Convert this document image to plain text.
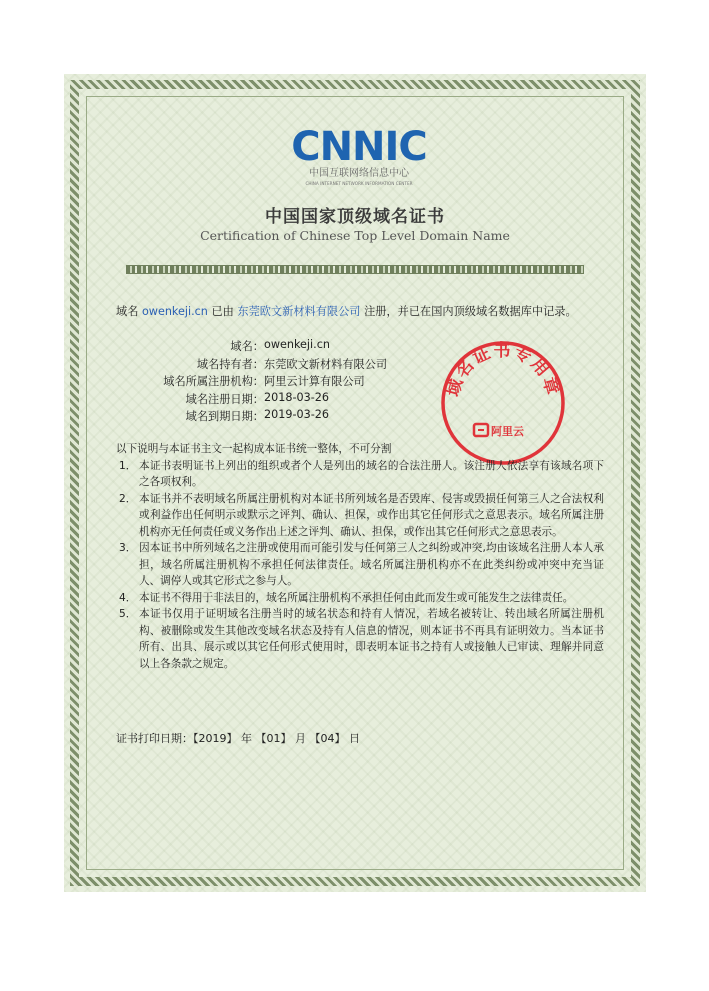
CNNIC
中国互联网络信息中心
CHINA INTERNET NETWORK INFORMATION CENTER
中国国家顶级域名证书
Certification of Chinese Top Level Domain Name
域名 owenkeji.cn 已由 东莞欧文新材料有限公司 注册，并已在国内顶级域名数据库中记录。
域名： owenkeji.cn
域名持有者： 东莞欧文新材料有限公司
域名所属注册机构： 阿里云计算有限公司
域名注册日期： 2018-03-26
域名到期日期： 2019-03-26
域名证书专用章
阿里云

以下说明与本证书主文一起构成本证书统一整体，不可分割

1． 本证书表明证书上列出的组织或者个人是列出的域名的合法注册人。该注册人依法享有该域名项下之各项权利。

2． 本证书并不表明域名所属注册机构对本证书所列域名是否毁库、侵害或毁损任何第三人之合法权利或利益作出任何明示或默示之评判、确认、担保，或作出其它任何形式之意思表示。域名所属注册机构亦无任何责任或义务作出上述之评判、确认、担保，或作出其它任何形式之意思表示。

3． 因本证书中所列域名之注册或使用而可能引发与任何第三人之纠纷或冲突,均由该域名注册人本人承担，域名所属注册机构不承担任何法律责任。域名所属注册机构亦不在此类纠纷或冲突中充当证人、调停人或其它形式之参与人。

4． 本证书不得用于非法目的，域名所属注册机构不承担任何由此而发生或可能发生之法律责任。

5． 本证书仅用于证明域名注册当时的域名状态和持有人情况，若域名被转让、转出域名所属注册机构、被删除或发生其他改变域名状态及持有人信息的情况，则本证书不再具有证明效力。当本证书所有、出具、展示或以其它任何形式使用时，即表明本证书之持有人或接触人已审读、理解并同意以上各条款之规定。

证书打印日期：【2019】 年 【01】 月 【04】 日
